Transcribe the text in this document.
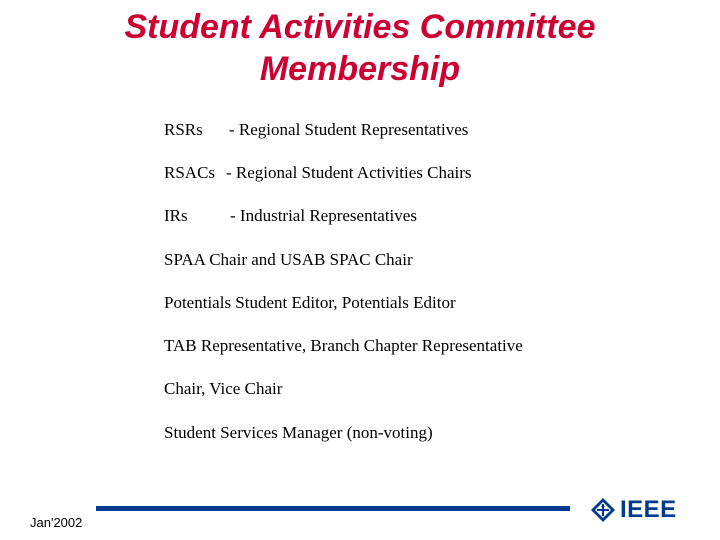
Student Activities Committee
Membership
RSRs - Regional Student Representatives
RSACs - Regional Student Activities Chairs
IRs - Industrial Representatives
SPAA Chair and USAB SPAC Chair
Potentials Student Editor, Potentials Editor
TAB Representative, Branch Chapter Representative
Chair, Vice Chair
Student Services Manager (non-voting)
Jan'2002	IEEE
